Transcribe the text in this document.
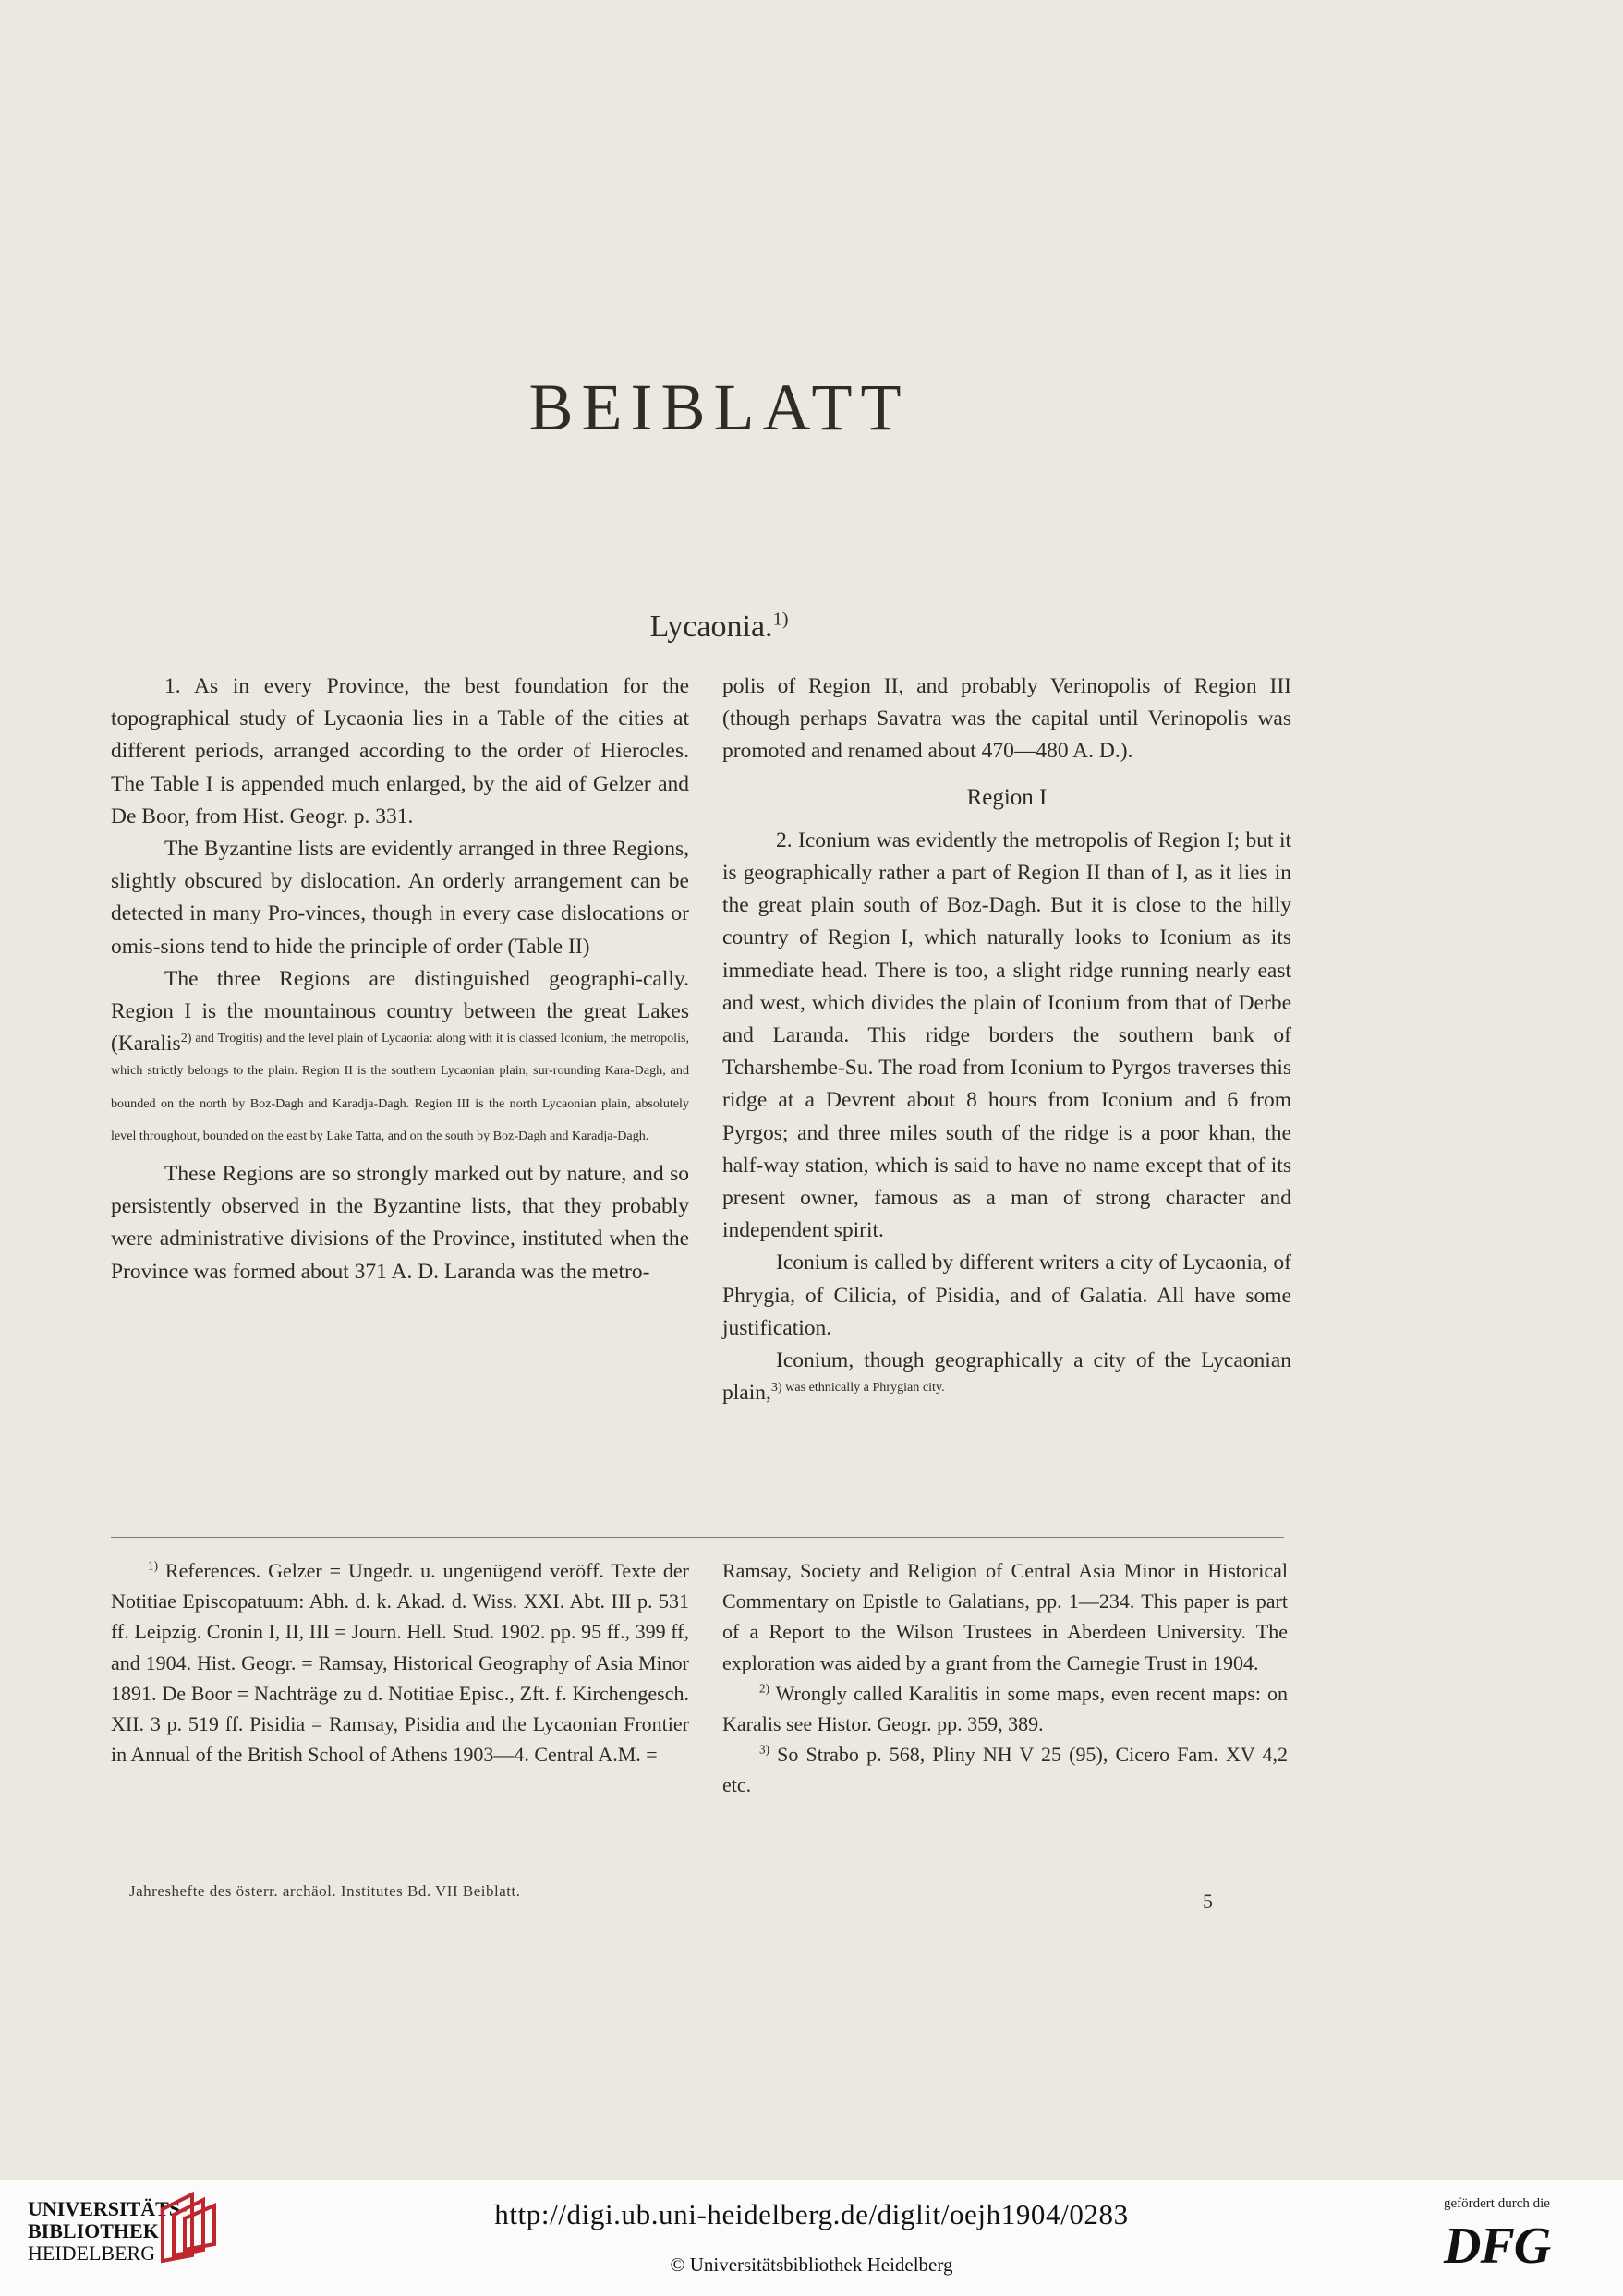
BEIBLATT
Lycaonia.$^{1)}$

1. As in every Province, the best foundation for the topographical study of Lycaonia lies in a Table of the cities at different periods, arranged according to the order of Hierocles. The Table I is appended much enlarged, by the aid of Gelzer and De Boor, from Hist. Geogr. p. 331.

The Byzantine lists are evidently arranged in three Regions, slightly obscured by dislocation. An orderly arrangement can be detected in many Pro-vinces, though in every case dislocations or omis-sions tend to hide the principle of order (Table II)

The three Regions are distinguished geographi-cally. Region I is the mountainous country between the great Lakes (Karalis2) and Trogitis) and the level plain of Lycaonia: along with it is classed Iconium, the metropolis, which strictly belongs to the plain. Region II is the southern Lycaonian plain, sur-rounding Kara-Dagh, and bounded on the north by Boz-Dagh and Karadja-Dagh. Region III is the north Lycaonian plain, absolutely level throughout, bounded on the east by Lake Tatta, and on the south by Boz-Dagh and Karadja-Dagh.

These Regions are so strongly marked out by nature, and so persistently observed in the Byzantine lists, that they probably were administrative divisions of the Province, instituted when the Province was formed about 371 A. D. Laranda was the metro-

polis of Region II, and probably Verinopolis of Region III (though perhaps Savatra was the capital until Verinopolis was promoted and renamed about 470—480 A. D.).

Region I

2. Iconium was evidently the metropolis of Region I; but it is geographically rather a part of Region II than of I, as it lies in the great plain south of Boz-Dagh. But it is close to the hilly country of Region I, which naturally looks to Iconium as its immediate head. There is too, a slight ridge running nearly east and west, which divides the plain of Iconium from that of Derbe and Laranda. This ridge borders the southern bank of Tcharshembe-Su. The road from Iconium to Pyrgos traverses this ridge at a Devrent about 8 hours from Iconium and 6 from Pyrgos; and three miles south of the ridge is a poor khan, the half-way station, which is said to have no name except that of its present owner, famous as a man of strong character and independent spirit.

Iconium is called by different writers a city of Lycaonia, of Phrygia, of Cilicia, of Pisidia, and of Galatia. All have some justification.

Iconium, though geographically a city of the Lycaonian plain,$^{3) was ethnically a Phrygian city.}$

$^{1)}$ References. Gelzer = Ungedr. u. ungenügend veröff. Texte der Notitiae Episcopatuum: Abh. d. k. Akad. d. Wiss. XXI. Abt. III p. 531 ff. Leipzig. Cronin I, II, III = Journ. Hell. Stud. 1902. pp. 95 ff., 399 ff, and 1904. Hist. Geogr. = Ramsay, Historical Geography of Asia Minor 1891. De Boor = Nachträge zu d. Notitiae Episc., Zft. f. Kirchengesch. XII. 3 p. 519 ff. Pisidia = Ramsay, Pisidia and the Lycaonian Frontier in Annual of the British School of Athens 1903—4. Central A.M. =

Ramsay, Society and Religion of Central Asia Minor in Historical Commentary on Epistle to Galatians, pp. 1—234. This paper is part of a Report to the Wilson Trustees in Aberdeen University. The exploration was aided by a grant from the Carnegie Trust in 1904.

$^{2)}$ Wrongly called Karalitis in some maps, even recent maps: on Karalis see Histor. Geogr. pp. 359, 389.

$^{3)}$ So Strabo p. 568, Pliny NH V 25 (95), Cicero Fam. XV 4,2 etc.

Jahreshefte des österr. archäol. Institutes Bd. VII Beiblatt.	5
UNIVERSITÄTS-
BIBLIOTHEK
HEIDELBERG
http://digi.ub.uni-heidelberg.de/diglit/oejh1904/0283
© Universitätsbibliothek Heidelberg
gefördert durch die
DFG
